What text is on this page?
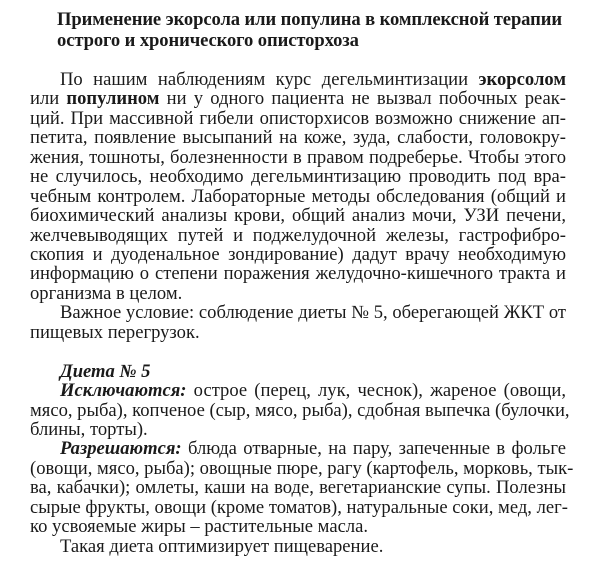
Применение экорсола или популина в комплексной терапии
острого и хронического описторхоза
По нашим наблюдениям курс дегельминтизации экорсолом
или популином ни у одного пациента не вызвал побочных реак-
ций. При массивной гибели описторхисов возможно снижение ап-
петита, появление высыпаний на коже, зуда, слабости, головокру-
жения, тошноты, болезненности в правом подреберье. Чтобы этого
не случилось, необходимо дегельминтизацию проводить под вра-
чебным контролем. Лабораторные методы обследования (общий и
биохимический анализы крови, общий анализ мочи, УЗИ печени,
желчевыводящих путей и поджелудочной железы, гастрофибро-
скопия и дуоденальное зондирование) дадут врачу необходимую
информацию о степени поражения желудочно-кишечного тракта и
организма в целом.
Важное условие: соблюдение диеты № 5, оберегающей ЖКТ от
пищевых перегрузок.
Диета № 5
Исключаются: острое (перец, лук, чеснок), жареное (овощи,
мясо, рыба), копченое (сыр, мясо, рыба), сдобная выпечка (булочки,
блины, торты).
Разрешаются: блюда отварные, на пару, запеченные в фольге
(овощи, мясо, рыба); овощные пюре, рагу (картофель, морковь, тык-
ва, кабачки); омлеты, каши на воде, вегетарианские супы. Полезны
сырые фрукты, овощи (кроме томатов), натуральные соки, мед, лег-
ко усвояемые жиры – растительные масла.
Такая диета оптимизирует пищеварение.
